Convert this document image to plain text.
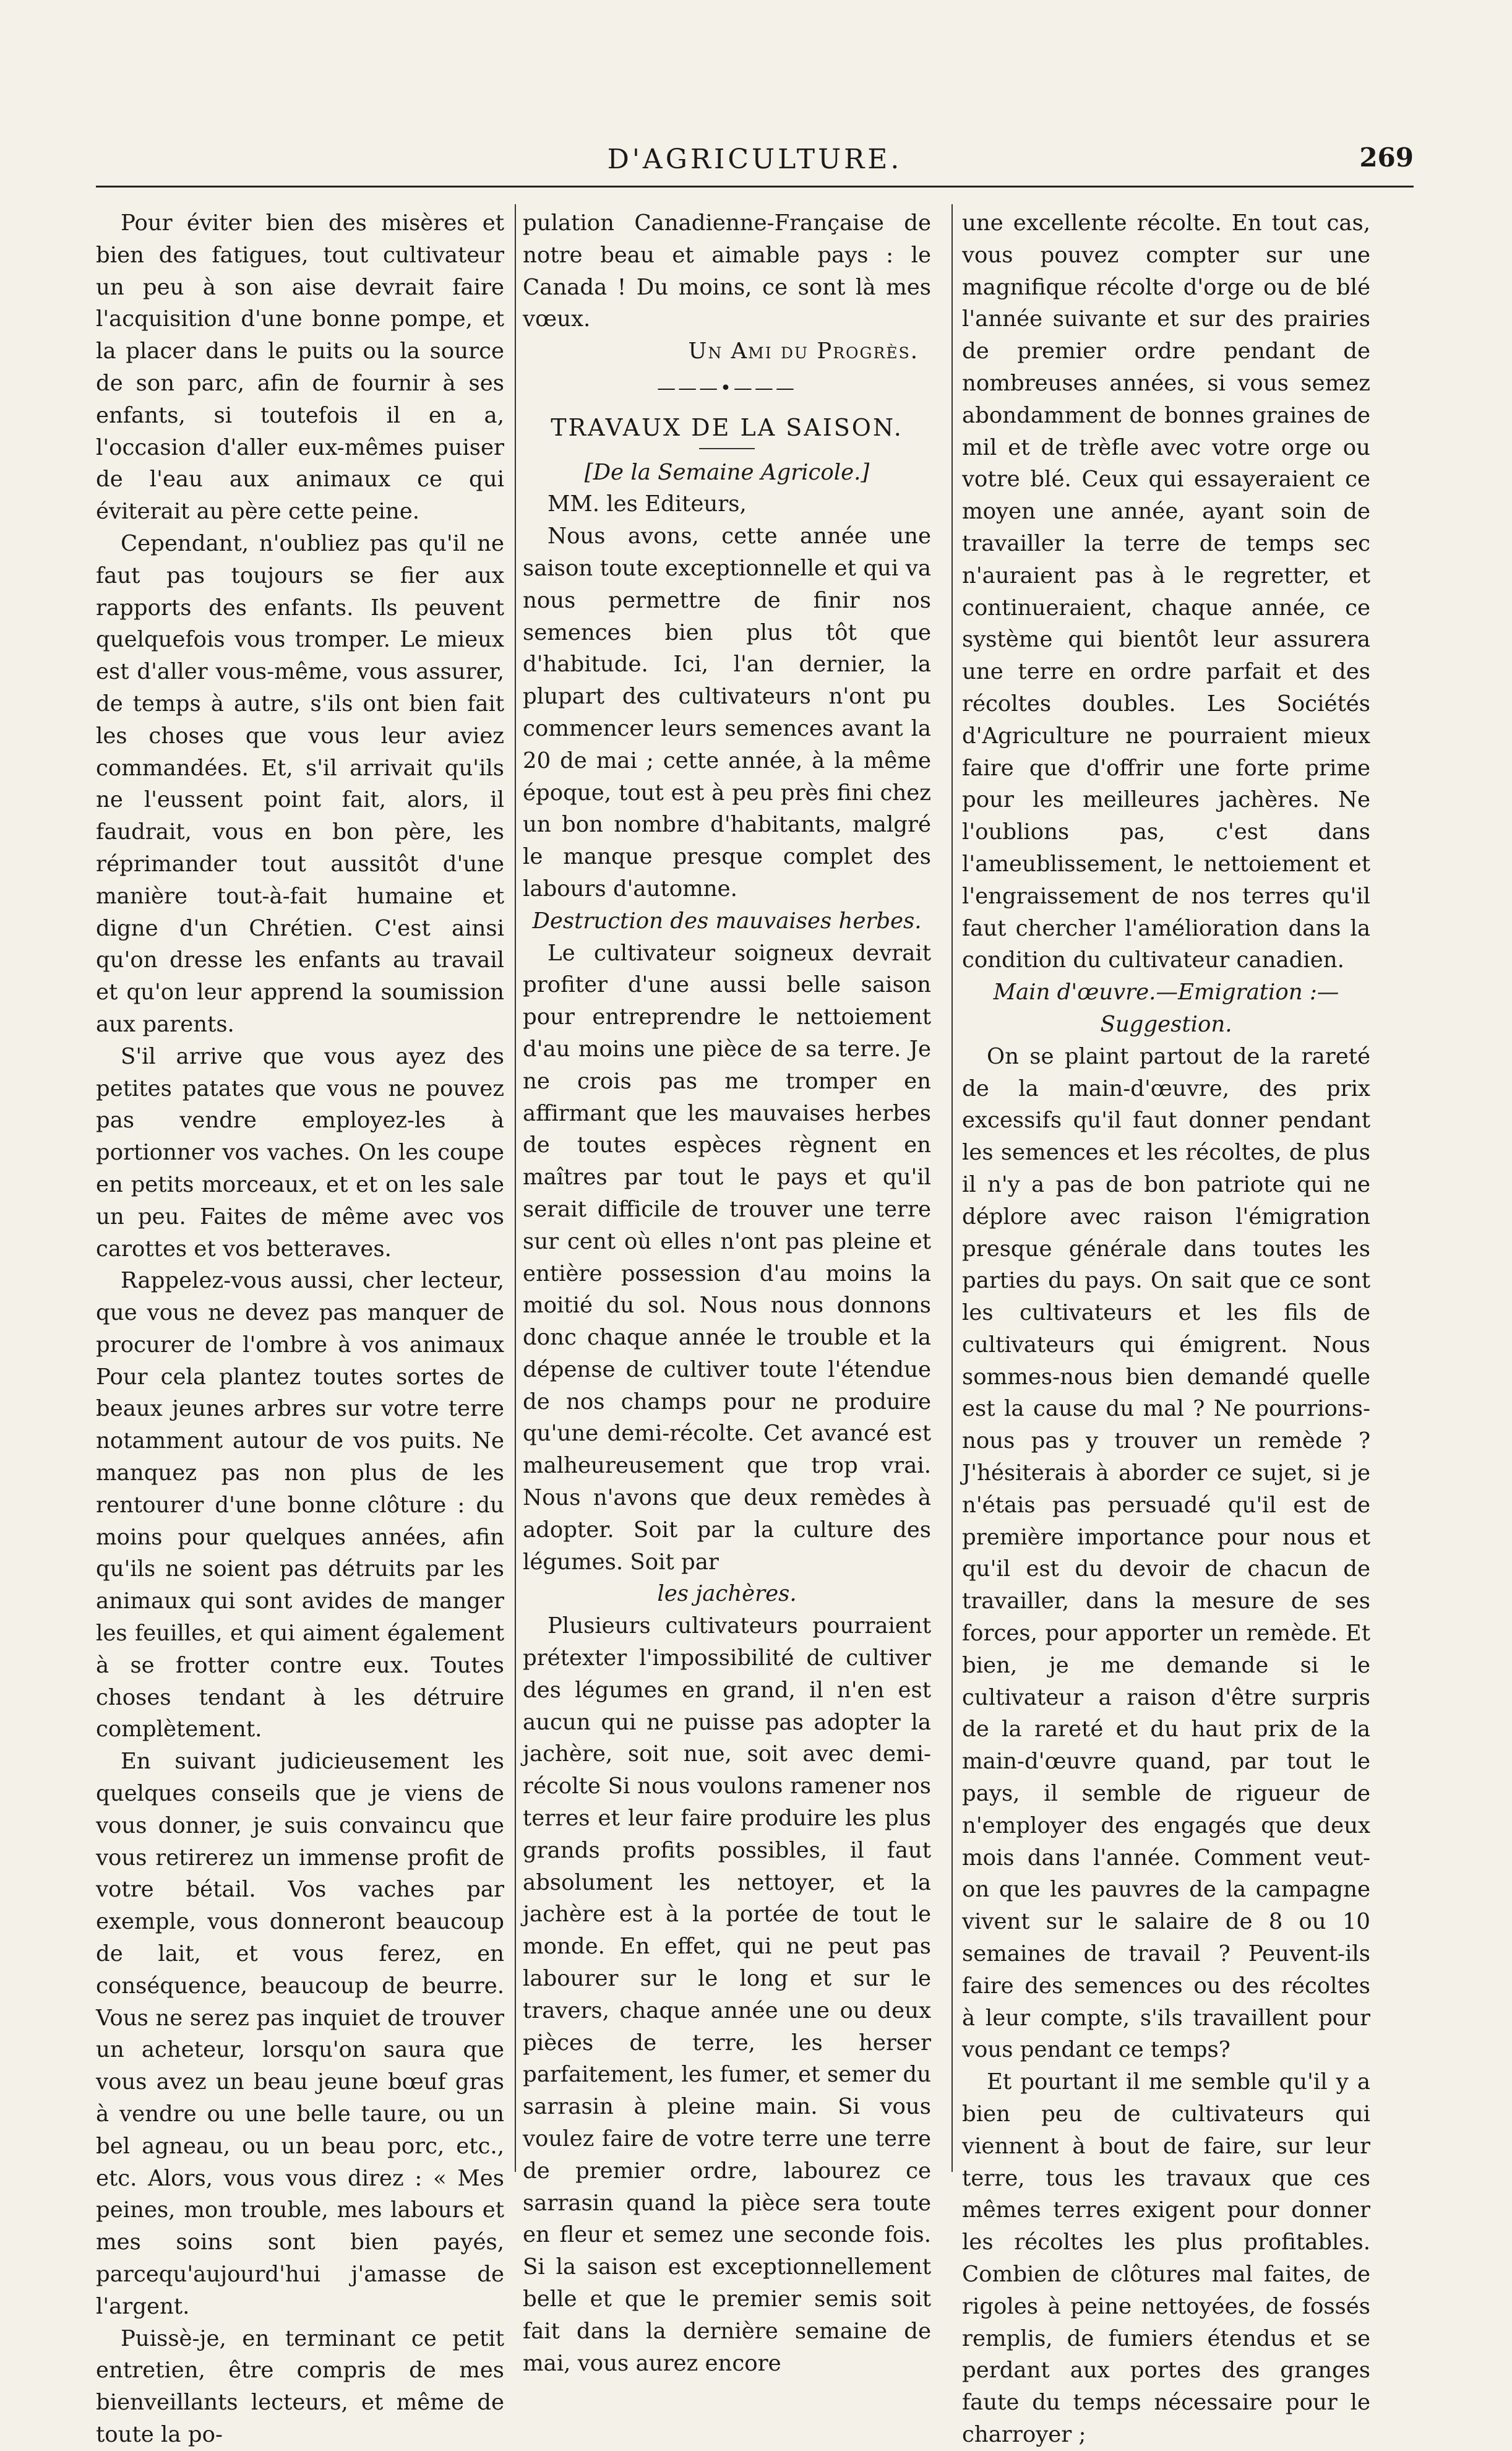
D'AGRICULTURE.	269

Pour éviter bien des misères et bien des fatigues, tout cultivateur un peu à son aise devrait faire l'acquisition d'une bonne pompe, et la placer dans le puits ou la source de son parc, afin de fournir à ses enfants, si toutefois il en a, l'occasion d'aller eux-mêmes puiser de l'eau aux animaux ce qui éviterait au père cette peine.

Cependant, n'oubliez pas qu'il ne faut pas toujours se fier aux rapports des enfants. Ils peuvent quelquefois vous tromper. Le mieux est d'aller vous-même, vous assurer, de temps à autre, s'ils ont bien fait les choses que vous leur aviez commandées. Et, s'il arrivait qu'ils ne l'eussent point fait, alors, il faudrait, vous en bon père, les réprimander tout aussitôt d'une manière tout-à-fait humaine et digne d'un Chrétien. C'est ainsi qu'on dresse les enfants au travail et qu'on leur apprend la soumission aux parents.

S'il arrive que vous ayez des petites patates que vous ne pouvez pas vendre employez-les à portionner vos vaches. On les coupe en petits morceaux, et et on les sale un peu. Faites de même avec vos carottes et vos betteraves.

Rappelez-vous aussi, cher lecteur, que vous ne devez pas manquer de procurer de l'ombre à vos animaux Pour cela plantez toutes sortes de beaux jeunes arbres sur votre terre notamment autour de vos puits. Ne manquez pas non plus de les rentourer d'une bonne clôture : du moins pour quelques années, afin qu'ils ne soient pas détruits par les animaux qui sont avides de manger les feuilles, et qui aiment également à se frotter contre eux. Toutes choses tendant à les détruire complètement.

En suivant judicieusement les quelques conseils que je viens de vous donner, je suis convaincu que vous retirerez un immense profit de votre bétail. Vos vaches par exemple, vous donneront beaucoup de lait, et vous ferez, en conséquence, beaucoup de beurre. Vous ne serez pas inquiet de trouver un acheteur, lorsqu'on saura que vous avez un beau jeune bœuf gras à vendre ou une belle taure, ou un bel agneau, ou un beau porc, etc., etc. Alors, vous vous direz : « Mes peines, mon trouble, mes labours et mes soins sont bien payés, parcequ'aujourd'hui j'amasse de l'argent.

Puissè-je, en terminant ce petit entretien, être compris de mes bienveillants lecteurs, et même de toute la po-

pulation Canadienne-Française de notre beau et aimable pays : le Canada ! Du moins, ce sont là mes vœux.

Un Ami du Progrès.

———•———
TRAVAUX DE LA SAISON.

[De la Semaine Agricole.]

MM. les Editeurs,

Nous avons, cette année une saison toute exceptionnelle et qui va nous permettre de finir nos semences bien plus tôt que d'habitude. Ici, l'an dernier, la plupart des cultivateurs n'ont pu commencer leurs semences avant la 20 de mai ; cette année, à la même époque, tout est à peu près fini chez un bon nombre d'habitants, malgré le manque presque complet des labours d'automne.

Destruction des mauvaises herbes.

Le cultivateur soigneux devrait profiter d'une aussi belle saison pour entreprendre le nettoiement d'au moins une pièce de sa terre. Je ne crois pas me tromper en affirmant que les mauvaises herbes de toutes espèces règnent en maîtres par tout le pays et qu'il serait difficile de trouver une terre sur cent où elles n'ont pas pleine et entière possession d'au moins la moitié du sol. Nous nous donnons donc chaque année le trouble et la dépense de cultiver toute l'étendue de nos champs pour ne produire qu'une demi-récolte. Cet avancé est malheureusement que trop vrai. Nous n'avons que deux remèdes à adopter. Soit par la culture des légumes. Soit par

les jachères.

Plusieurs cultivateurs pourraient prétexter l'impossibilité de cultiver des légumes en grand, il n'en est aucun qui ne puisse pas adopter la jachère, soit nue, soit avec demi-récolte Si nous voulons ramener nos terres et leur faire produire les plus grands profits possibles, il faut absolument les nettoyer, et la jachère est à la portée de tout le monde. En effet, qui ne peut pas labourer sur le long et sur le travers, chaque année une ou deux pièces de terre, les herser parfaitement, les fumer, et semer du sarrasin à pleine main. Si vous voulez faire de votre terre une terre de premier ordre, labourez ce sarrasin quand la pièce sera toute en fleur et semez une seconde fois. Si la saison est exceptionnellement belle et que le premier semis soit fait dans la dernière semaine de mai, vous aurez encore

une excellente récolte. En tout cas, vous pouvez compter sur une magnifique récolte d'orge ou de blé l'année suivante et sur des prairies de premier ordre pendant de nombreuses années, si vous semez abondamment de bonnes graines de mil et de trèfle avec votre orge ou votre blé. Ceux qui essayeraient ce moyen une année, ayant soin de travailler la terre de temps sec n'auraient pas à le regretter, et continueraient, chaque année, ce système qui bientôt leur assurera une terre en ordre parfait et des récoltes doubles. Les Sociétés d'Agriculture ne pourraient mieux faire que d'offrir une forte prime pour les meilleures jachères. Ne l'oublions pas, c'est dans l'ameublissement, le nettoiement et l'engraissement de nos terres qu'il faut chercher l'amélioration dans la condition du cultivateur canadien.

Main d'œuvre.—Emigration :—

Suggestion.

On se plaint partout de la rareté de la main-d'œuvre, des prix excessifs qu'il faut donner pendant les semences et les récoltes, de plus il n'y a pas de bon patriote qui ne déplore avec raison l'émigration presque générale dans toutes les parties du pays. On sait que ce sont les cultivateurs et les fils de cultivateurs qui émigrent. Nous sommes-nous bien demandé quelle est la cause du mal ? Ne pourrions-nous pas y trouver un remède ? J'hésiterais à aborder ce sujet, si je n'étais pas persuadé qu'il est de première importance pour nous et qu'il est du devoir de chacun de travailler, dans la mesure de ses forces, pour apporter un remède. Et bien, je me demande si le cultivateur a raison d'être surpris de la rareté et du haut prix de la main-d'œuvre quand, par tout le pays, il semble de rigueur de n'employer des engagés que deux mois dans l'année. Comment veut-on que les pauvres de la campagne vivent sur le salaire de 8 ou 10 semaines de travail ? Peuvent-ils faire des semences ou des récoltes à leur compte, s'ils travaillent pour vous pendant ce temps?

Et pourtant il me semble qu'il y a bien peu de cultivateurs qui viennent à bout de faire, sur leur terre, tous les travaux que ces mêmes terres exigent pour donner les récoltes les plus profitables. Combien de clôtures mal faites, de rigoles à peine nettoyées, de fossés remplis, de fumiers étendus et se perdant aux portes des granges faute du temps nécessaire pour le charroyer ;
